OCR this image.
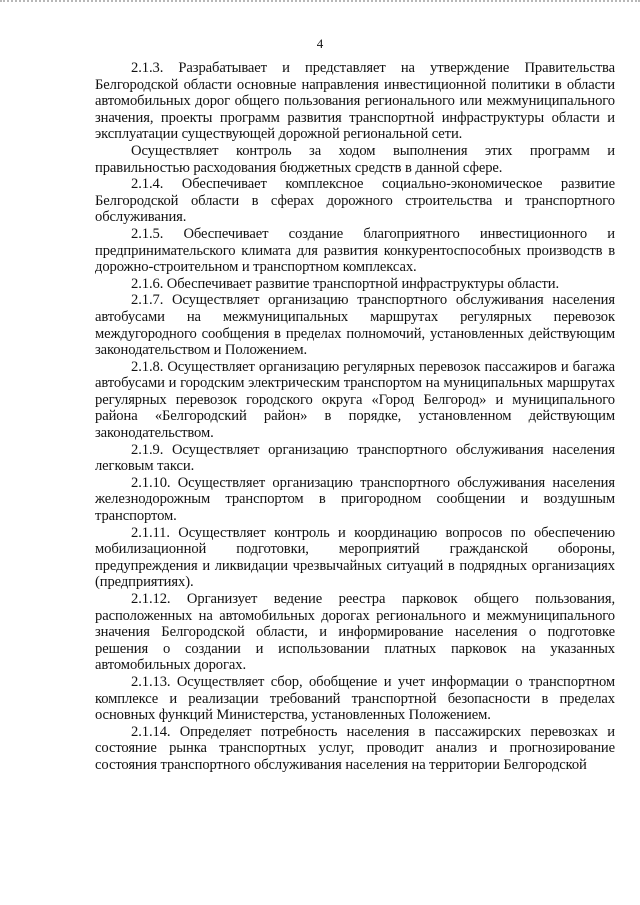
4

2.1.3. Разрабатывает и представляет на утверждение Правительства Белгородской области основные направления инвестиционной политики в области автомобильных дорог общего пользования регионального или межмуниципального значения, проекты программ развития транспортной инфраструктуры области и эксплуатации существующей дорожной региональной сети.

Осуществляет контроль за ходом выполнения этих программ и правильностью расходования бюджетных средств в данной сфере.

2.1.4. Обеспечивает комплексное социально-экономическое развитие Белгородской области в сферах дорожного строительства и транспортного обслуживания.

2.1.5. Обеспечивает создание благоприятного инвестиционного и предпринимательского климата для развития конкурентоспособных производств в дорожно-строительном и транспортном комплексах.

2.1.6. Обеспечивает развитие транспортной инфраструктуры области.

2.1.7. Осуществляет организацию транспортного обслуживания населения автобусами на межмуниципальных маршрутах регулярных перевозок междугородного сообщения в пределах полномочий, установленных действующим законодательством и Положением.

2.1.8. Осуществляет организацию регулярных перевозок пассажиров и багажа автобусами и городским электрическим транспортом на муниципальных маршрутах регулярных перевозок городского округа «Город Белгород» и муниципального района «Белгородский район» в порядке, установленном действующим законодательством.

2.1.9. Осуществляет организацию транспортного обслуживания населения легковым такси.

2.1.10. Осуществляет организацию транспортного обслуживания населения железнодорожным транспортом в пригородном сообщении и воздушным транспортом.

2.1.11. Осуществляет контроль и координацию вопросов по обеспечению мобилизационной подготовки, мероприятий гражданской обороны, предупреждения и ликвидации чрезвычайных ситуаций в подрядных организациях (предприятиях).

2.1.12. Организует ведение реестра парковок общего пользования, расположенных на автомобильных дорогах регионального и межмуниципального значения Белгородской области, и информирование населения о подготовке решения о создании и использовании платных парковок на указанных автомобильных дорогах.

2.1.13. Осуществляет сбор, обобщение и учет информации о транспортном комплексе и реализации требований транспортной безопасности в пределах основных функций Министерства, установленных Положением.

2.1.14. Определяет потребность населения в пассажирских перевозках и состояние рынка транспортных услуг, проводит анализ и прогнозирование состояния транспортного обслуживания населения на территории Белгородской
